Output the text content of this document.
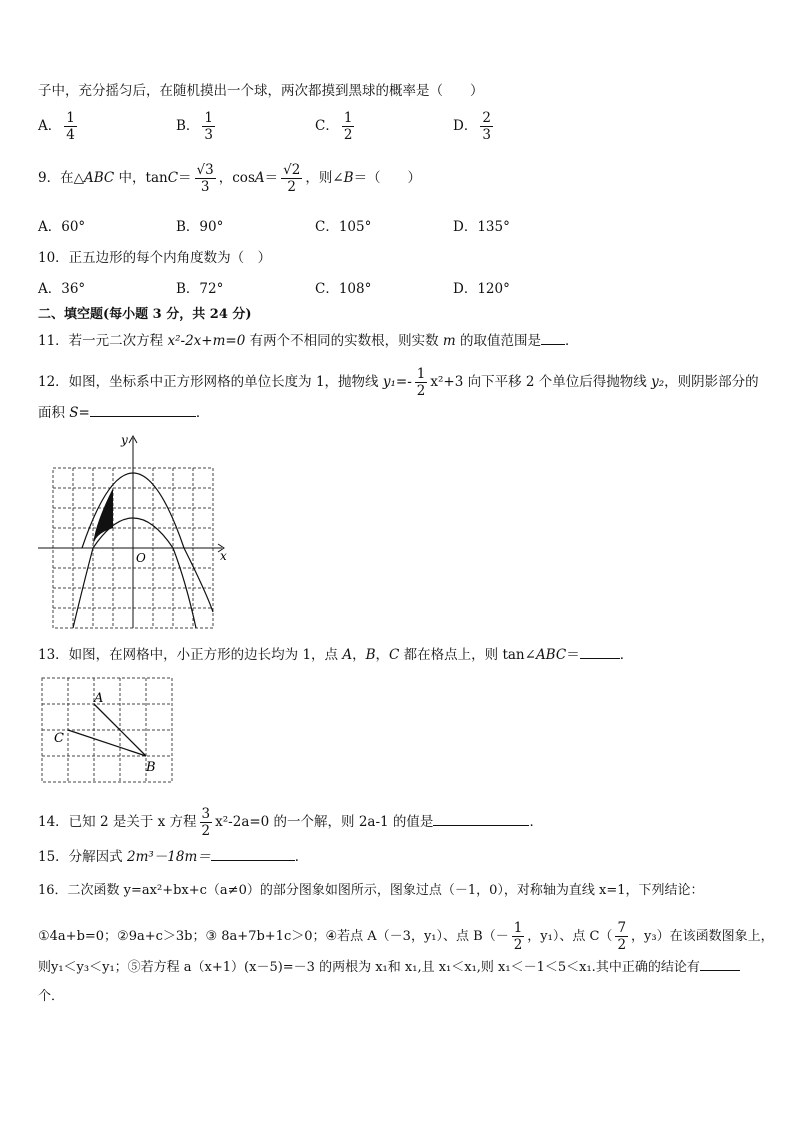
子中，充分摇匀后，在随机摸出一个球，两次都摸到黑球的概率是（　　）
A． $\frac{1}{4}$	B． $\frac{1}{3}$	C． $\frac{1}{2}$	D． $\frac{2}{3}$
9．在△ABC 中，$\tan C= \frac{√3}{3}$ ，$\cos A= \frac{√2}{2}$ ，则∠B＝（　　）
A．60°	B．90°	C．105°	D．135°
10．正五边形的每个内角度数为（　）
A．36°	B．72°	C．108°	D．120°
二、填空题(每小题 3 分，共 24 分)
11．若一元二次方程 x²-2x+m=0 有两个不相同的实数根，则实数 m 的取值范围是 ．
12．如图，坐标系中正方形网格的单位长度为 1，抛物线 $y_1=- \frac{1}{2} x^2+3$ 向下平移 2 个单位后得抛物线 y₂，则阴影部分的
面积 S=	．
y
x
O
13．如图，在网格中，小正方形的边长均为 1，点 A，B，C 都在格点上，则 tan∠ABC＝	．
A
C
B
14．已知 2 是关于 x 方程 $\frac{3}{2} x^2-2a=0$ 的一个解，则 2a-1 的值是	．
15．分解因式 2m³－18m＝	．
16．二次函数 y=ax²+bx+c（a≠0）的部分图象如图所示，图象过点（－1，0），对称轴为直线 x=1，下列结论：
①4a+b=0；②9a+c＞3b；③ 8a+7b+1c＞0；④若点 A（－3，y₁）、点 $B(- \frac{1}{2}$ ，y₁）、点 $C( \frac{7}{2}$ ，y₃）在该函数图象上，
则y₁＜y₃＜y₁；⑤若方程 a（x+1）(x－5)=－3 的两根为 x₁和 x₁,且 x₁＜x₁,则 x₁＜－1＜5＜x₁.其中正确的结论有
个．
